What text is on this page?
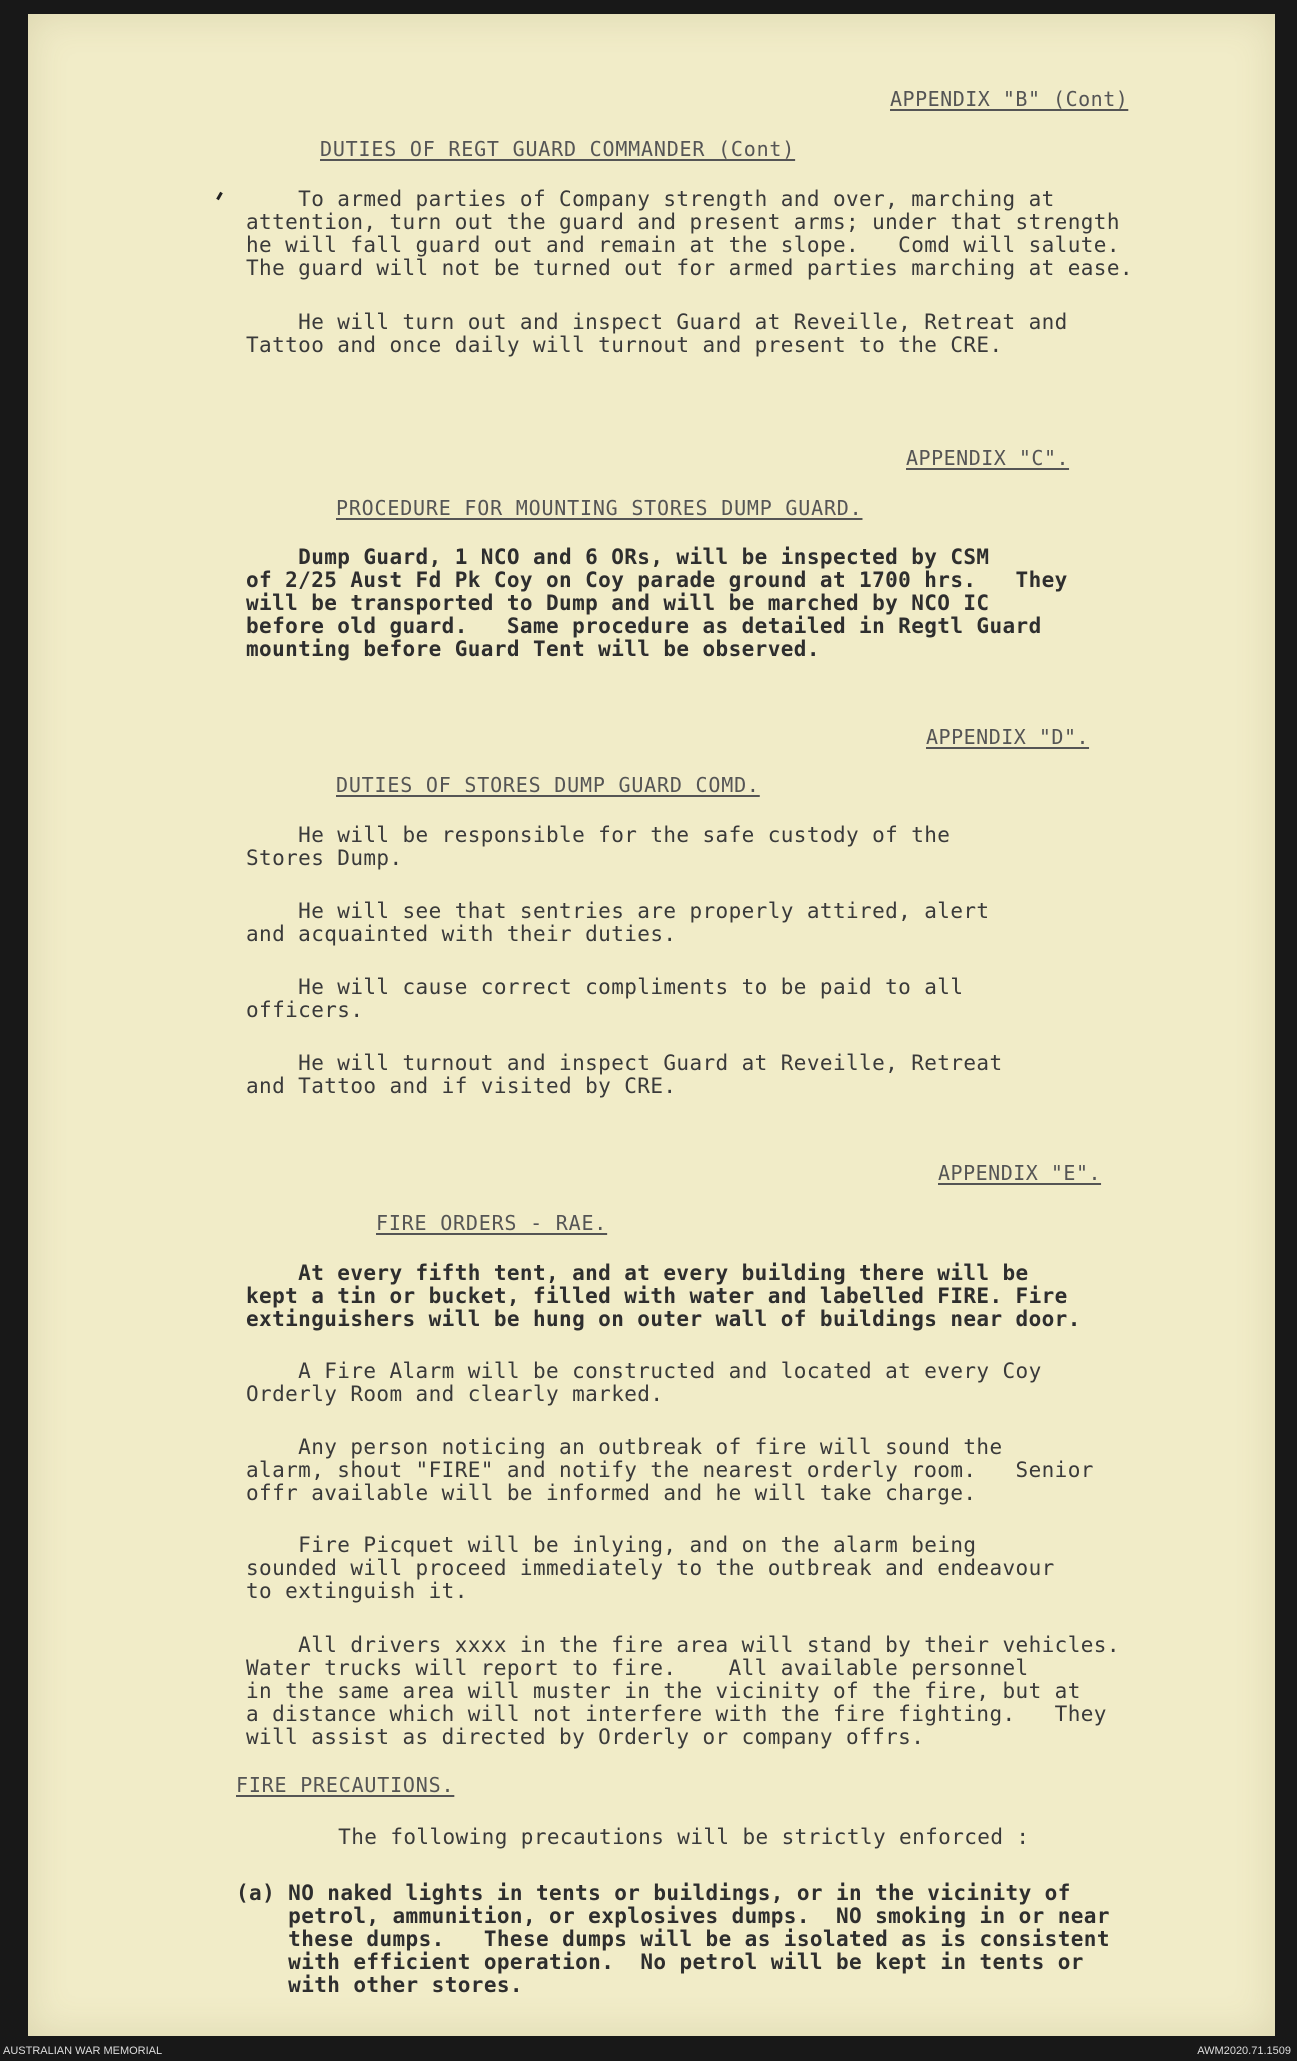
APPENDIX "B" (Cont)
DUTIES OF REGT GUARD COMMANDER (Cont)
To armed parties of Company strength and over, marching at
attention, turn out the guard and present arms; under that strength
he will fall guard out and remain at the slope.   Comd will salute.
The guard will not be turned out for armed parties marching at ease.
He will turn out and inspect Guard at Reveille, Retreat and
Tattoo and once daily will turnout and present to the CRE.
APPENDIX "C".
PROCEDURE FOR MOUNTING STORES DUMP GUARD.
Dump Guard, 1 NCO and 6 ORs, will be inspected by CSM
of 2/25 Aust Fd Pk Coy on Coy parade ground at 1700 hrs.   They
will be transported to Dump and will be marched by NCO IC
before old guard.   Same procedure as detailed in Regtl Guard
mounting before Guard Tent will be observed.
APPENDIX "D".
DUTIES OF STORES DUMP GUARD COMD.
He will be responsible for the safe custody of the
Stores Dump.
He will see that sentries are properly attired, alert
and acquainted with their duties.
He will cause correct compliments to be paid to all
officers.
He will turnout and inspect Guard at Reveille, Retreat
and Tattoo and if visited by CRE.
APPENDIX "E".
FIRE ORDERS - RAE.
At every fifth tent, and at every building there will be
kept a tin or bucket, filled with water and labelled FIRE. Fire
extinguishers will be hung on outer wall of buildings near door.
A Fire Alarm will be constructed and located at every Coy
Orderly Room and clearly marked.
Any person noticing an outbreak of fire will sound the
alarm, shout "FIRE" and notify the nearest orderly room.   Senior
offr available will be informed and he will take charge.
Fire Picquet will be inlying, and on the alarm being
sounded will proceed immediately to the outbreak and endeavour
to extinguish it.
All drivers xxxx in the fire area will stand by their vehicles.
Water trucks will report to fire.    All available personnel
in the same area will muster in the vicinity of the fire, but at
a distance which will not interfere with the fire fighting.   They
will assist as directed by Orderly or company offrs.
FIRE PRECAUTIONS.
The following precautions will be strictly enforced :
(a) NO naked lights in tents or buildings, or in the vicinity of
petrol, ammunition, or explosives dumps.  NO smoking in or near
these dumps.   These dumps will be as isolated as is consistent
with efficient operation.  No petrol will be kept in tents or
with other stores.
AUSTRALIAN WAR MEMORIAL	AWM2020.71.1509
